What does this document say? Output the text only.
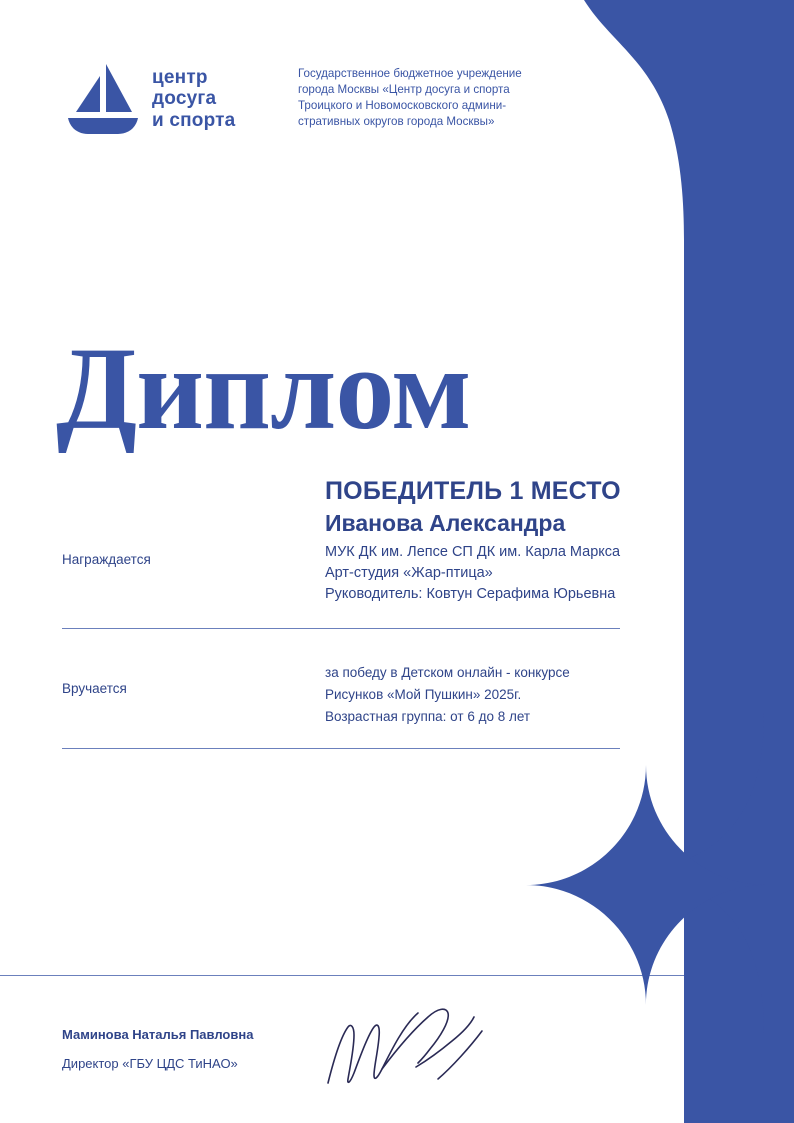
центр
досуга
и спорта
Государственное бюджетное учреждение
города Москвы «Центр досуга и спорта
Троицкого и Новомосковского админи-
стративных округов города Москвы»
Диплом
Награждается
Вручается
ПОБЕДИТЕЛЬ 1 МЕСТО
Иванова Александра
МУК ДК им. Лепсе СП ДК им. Карла Маркса
Арт-студия «Жар-птица»
Руководитель: Ковтун Серафима Юрьевна
за победу в Детском онлайн - конкурсе
Рисунков «Мой Пушкин» 2025г.
Возрастная группа: от 6 до 8 лет
Маминова Наталья Павловна
Директор «ГБУ ЦДС ТиНАО»
